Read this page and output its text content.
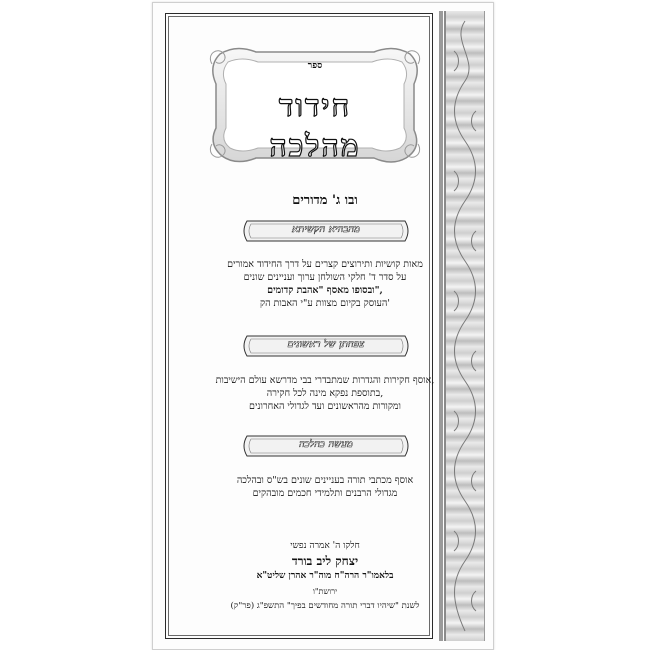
ספר
חידוד
מהלכה
ובו ג' מדורים
מהבהיא הקשיתא
מאות קושיות ותירוצים קצרים על דרך החידוד אמורים
על סדר ד' חלקי השולחן ערוך ועניינים שונים
ובסופו מאסף "אהבת קדומים",
העוסק בקיום מצוות ע"י האבות הק'
צפחתן של ראשונים
אוסף חקירות והגדרות שמתבדרי בבי מדרשא עולם הישיבות,
בתוספת נפקא מינה לכל חקירה,
ומקורות מהראשונים ועד לגדולי האחרונים
מעשה כהלכה
אוסף מכתבי תורה בעניינים שונים בש"ס ובהלכה
מגדולי הרבנים ותלמידי חכמים מובהקים
חלקו ה' אמרה נפשי
יצחק ליב בורד
בלאמו"ר הרה"ח מוה"ר אהרן שליט"א
ירושת"ו
לשנת "שיהיו דברי תורה מחודשים בפיך" התשפ"ג (פר"ק)
